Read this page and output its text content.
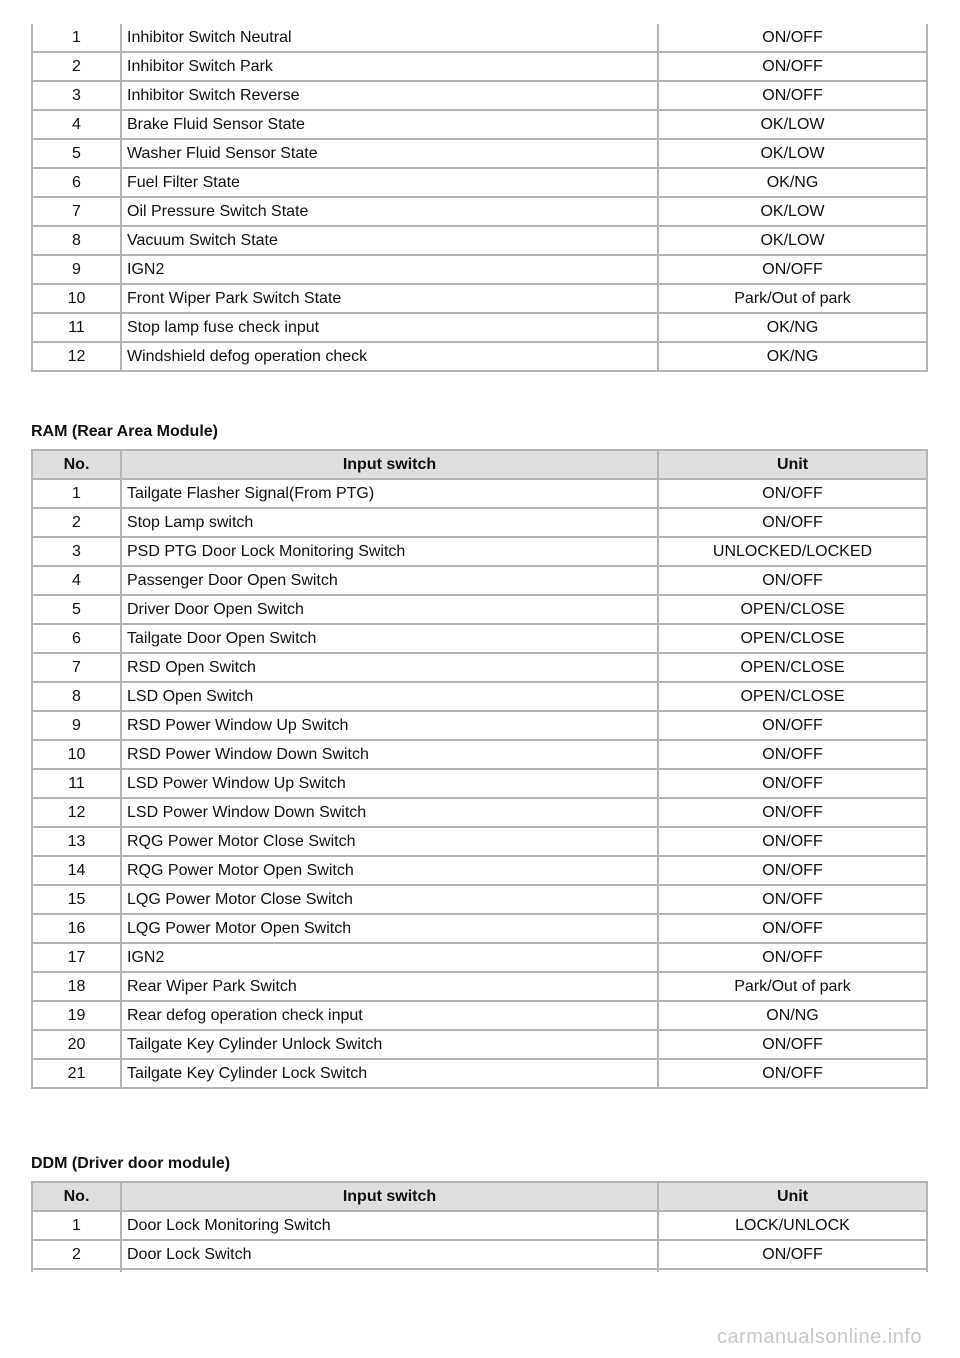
1	Inhibitor Switch Neutral	ON/OFF
2	Inhibitor Switch Park	ON/OFF
3	Inhibitor Switch Reverse	ON/OFF
4	Brake Fluid Sensor State	OK/LOW
5	Washer Fluid Sensor State	OK/LOW
6	Fuel Filter State	OK/NG
7	Oil Pressure Switch State	OK/LOW
8	Vacuum Switch State	OK/LOW
9	IGN2	ON/OFF
10	Front Wiper Park Switch State	Park/Out of park
11	Stop lamp fuse check input	OK/NG
12	Windshield defog operation check	OK/NG
RAM (Rear Area Module)
No.	Input switch	Unit
1	Tailgate Flasher Signal(From PTG)	ON/OFF
2	Stop Lamp switch	ON/OFF
3	PSD PTG Door Lock Monitoring Switch	UNLOCKED/LOCKED
4	Passenger Door Open Switch	ON/OFF
5	Driver Door Open Switch	OPEN/CLOSE
6	Tailgate Door Open Switch	OPEN/CLOSE
7	RSD Open Switch	OPEN/CLOSE
8	LSD Open Switch	OPEN/CLOSE
9	RSD Power Window Up Switch	ON/OFF
10	RSD Power Window Down Switch	ON/OFF
11	LSD Power Window Up Switch	ON/OFF
12	LSD Power Window Down Switch	ON/OFF
13	RQG Power Motor Close Switch	ON/OFF
14	RQG Power Motor Open Switch	ON/OFF
15	LQG Power Motor Close Switch	ON/OFF
16	LQG Power Motor Open Switch	ON/OFF
17	IGN2	ON/OFF
18	Rear Wiper Park Switch	Park/Out of park
19	Rear defog operation check input	ON/NG
20	Tailgate Key Cylinder Unlock Switch	ON/OFF
21	Tailgate Key Cylinder Lock Switch	ON/OFF
DDM (Driver door module)
No.	Input switch	Unit
1	Door Lock Monitoring Switch	LOCK/UNLOCK
2	Door Lock Switch	ON/OFF

carmanualsonline.info
